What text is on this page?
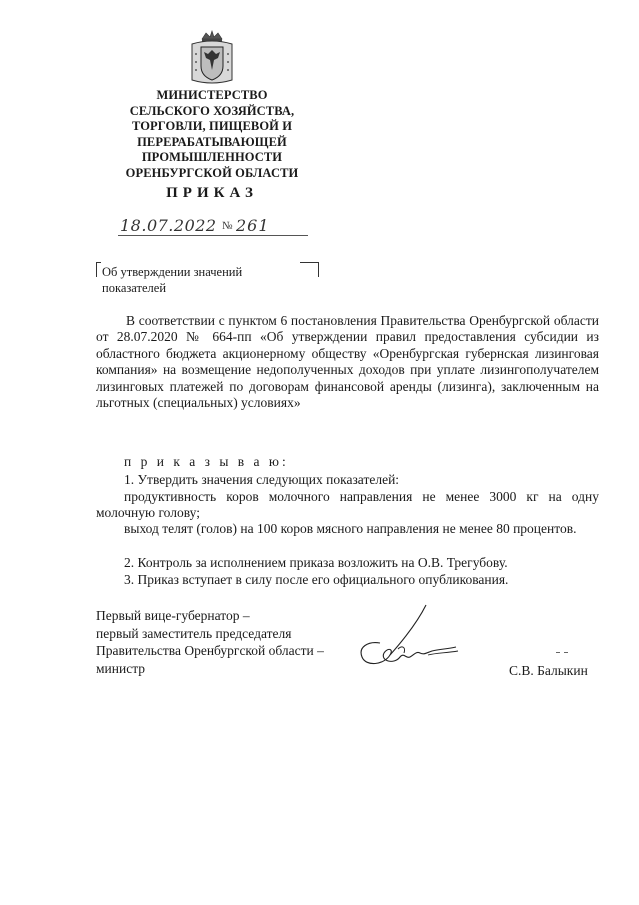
МИНИСТЕРСТВО
СЕЛЬСКОГО ХОЗЯЙСТВА,
ТОРГОВЛИ, ПИЩЕВОЙ И
ПЕРЕРАБАТЫВАЮЩЕЙ
ПРОМЫШЛЕННОСТИ
ОРЕНБУРГСКОЙ ОБЛАСТИ
ПРИКАЗ
18.07.2022 № 261
Об утверждении значений показателей
В соответствии с пунктом 6 постановления Правительства Оренбургской области от 28.07.2020 № 664-пп «Об утверждении правил предоставления субсидии из областного бюджета акционерному обществу «Оренбургская губернская лизинговая компания» на возмещение недополученных доходов при уплате лизингополучателем лизинговых платежей по договорам финансовой аренды (лизинга), заключенным на льготных (специальных) условиях»
п р и к а з ы в а ю:
1. Утвердить значения следующих показателей:
продуктивность коров молочного направления не менее 3000 кг на одну молочную голову;
выход телят (голов) на 100 коров мясного направления не менее 80 процентов.
2. Контроль за исполнением приказа возложить на О.В. Трегубову.
3. Приказ вступает в силу после его официального опубликования.
Первый вице-губернатор –
первый заместитель председателя
Правительства Оренбургской области –
министр	С.В. Балыкин
